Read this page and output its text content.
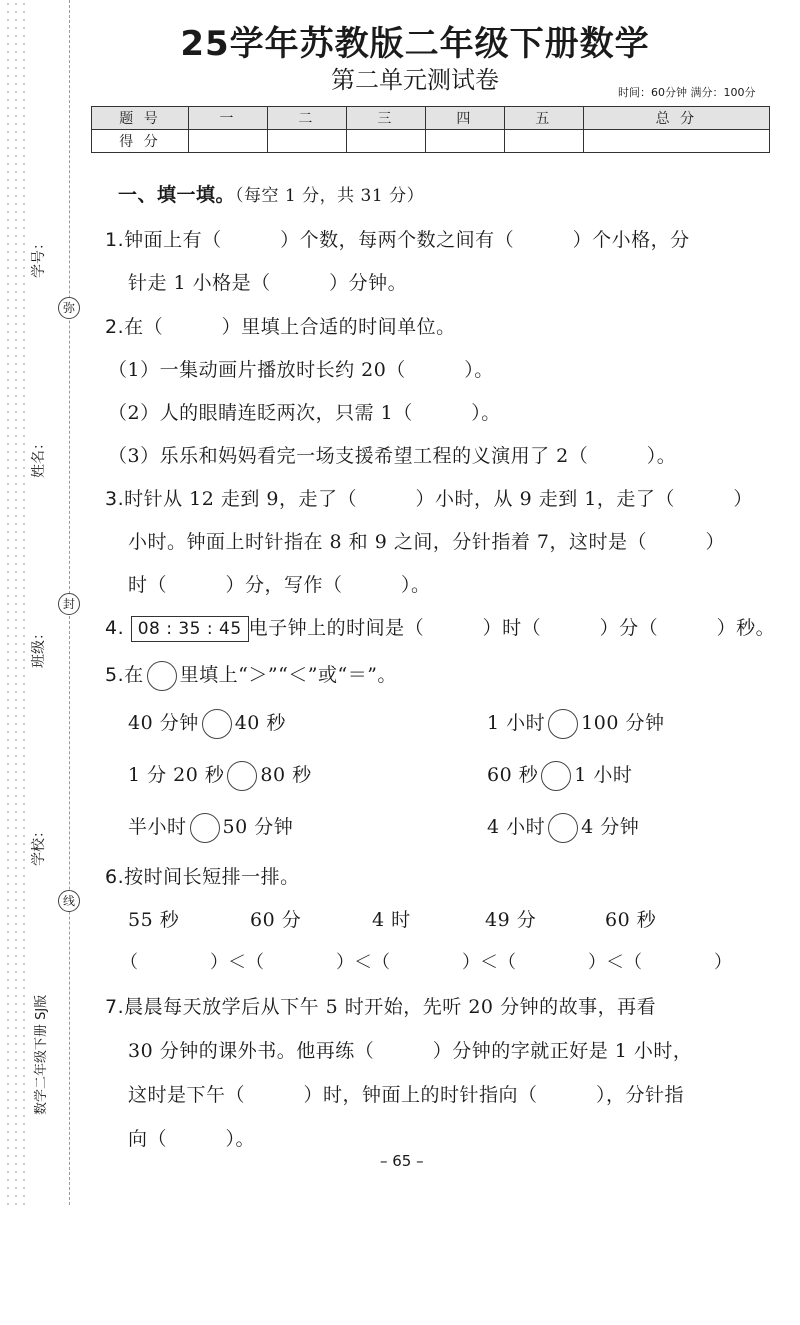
学号：
姓名：
班级：
学校：
弥
封
线
数学二年级下册 SJ版
25学年苏教版二年级下册数学
第二单元测试卷	时间：60分钟 满分：100分
题 号	一	二	三	四	五	总 分
得 分						
一、填一填。（每空 1 分，共 31 分）
1.钟面上有（　　　）个数，每两个数之间有（　　　）个小格，分
针走 1 小格是（　　　）分钟。
2.在（　　　）里填上合适的时间单位。
（1）一集动画片播放时长约 20（　　　）。
（2）人的眼睛连眨两次，只需 1（　　　）。
（3）乐乐和妈妈看完一场支援希望工程的义演用了 2（　　　）。
3.时针从 12 走到 9，走了（　　　）小时，从 9 走到 1，走了（　　　）
小时。钟面上时针指在 8 和 9 之间，分针指着 7，这时是（　　　）
时（　　　）分，写作（　　　）。
4. 08 : 35 : 45 电子钟上的时间是（　　　）时（　　　）分（　　　）秒。
5.在 里填上“＞”“＜”或“＝”。
40 分钟 40 秒	1 小时 100 分钟
1 分 20 秒 80 秒	60 秒 1 小时
半小时 50 分钟	4 小时 4 分钟
6.按时间长短排一排。
55 秒	60 分	4 时	49 分	60 秒
（　　　　）＜（　　　　）＜（　　　　）＜（　　　　）＜（　　　　）
7.晨晨每天放学后从下午 5 时开始，先听 20 分钟的故事，再看
30 分钟的课外书。他再练（　　　）分钟的字就正好是 1 小时，
这时是下午（　　　）时，钟面上的时针指向（　　　），分针指
向（　　　）。
– 65 –
